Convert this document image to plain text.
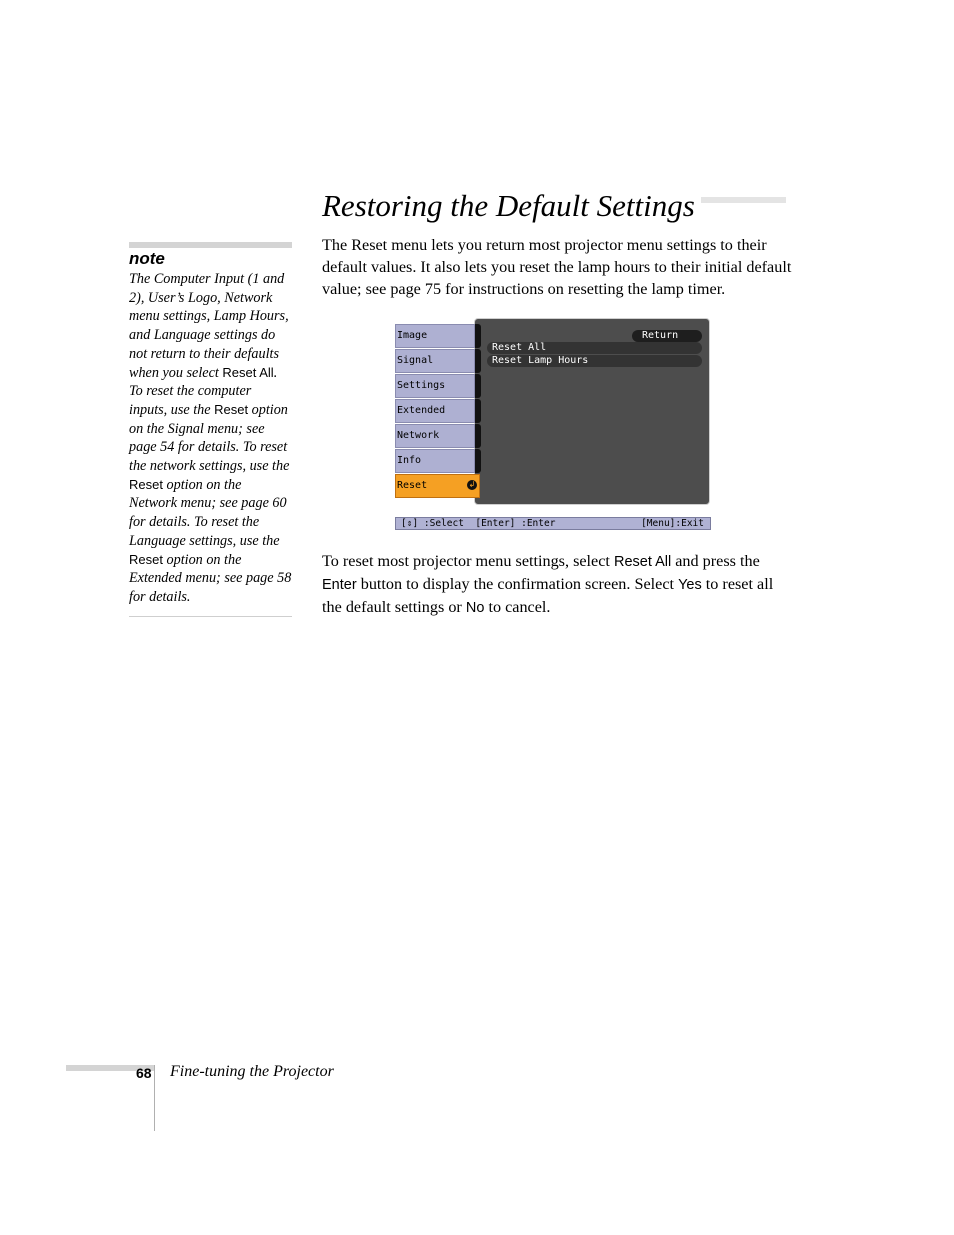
Restoring the Default Settings
note
The Computer Input (1 and 2), User’s Logo, Network menu settings, Lamp Hours, and Language settings do not return to their defaults when you select Reset All. To reset the computer inputs, use the Reset option on the Signal menu; see page 54 for details. To reset the network settings, use the Reset option on the Network menu; see page 60 for details. To reset the Language settings, use the Reset option on the Extended menu; see page 58 for details.

The Reset menu lets you return most projector menu settings to their default values. It also lets you reset the lamp hours to their initial default value; see page 75 for instructions on resetting the lamp timer.

Image
Signal
Settings
Extended
Network
Info
Reset	↲
Return
Reset All
Reset Lamp Hours
[⇕] :Select  [Enter] :Enter	[Menu]:Exit

To reset most projector menu settings, select Reset All and press the Enter button to display the confirmation screen. Select Yes to reset all the default settings or No to cancel.

68 Fine-tuning the Projector
